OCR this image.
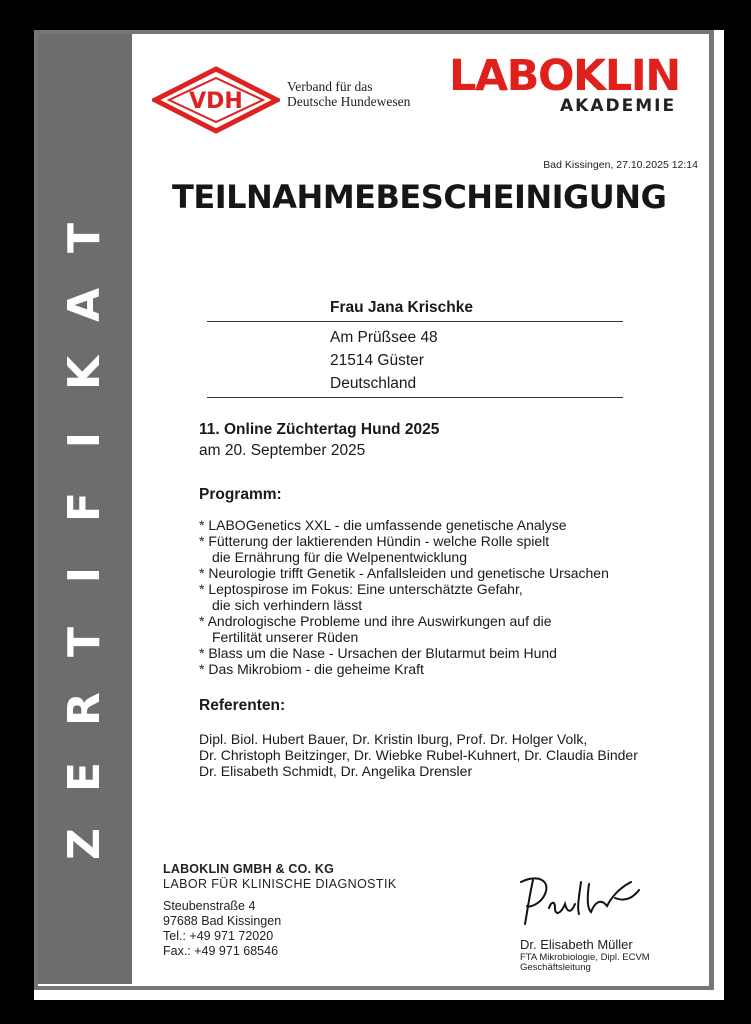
Z
E
R
T
I
F
I
K
A
T
VDH
Verband für das
Deutsche Hundewesen
LABOKLIN
AKADEMIE
Bad Kissingen, 27.10.2025 12:14
TEILNAHMEBESCHEINIGUNG
Frau Jana Krischke
Am Prüßsee 48
21514 Güster
Deutschland
11. Online Züchtertag Hund 2025
am 20. September 2025
Programm:
* LABOGenetics XXL - die umfassende genetische Analyse
* Fütterung der laktierenden Hündin - welche Rolle spielt
die Ernährung für die Welpenentwicklung
* Neurologie trifft Genetik - Anfallsleiden und genetische Ursachen
* Leptospirose im Fokus: Eine unterschätzte Gefahr,
die sich verhindern lässt
* Andrologische Probleme und ihre Auswirkungen auf die
Fertilität unserer Rüden
* Blass um die Nase - Ursachen der Blutarmut beim Hund
* Das Mikrobiom - die geheime Kraft
Referenten:
Dipl. Biol. Hubert Bauer, Dr. Kristin Iburg, Prof. Dr. Holger Volk,
Dr. Christoph Beitzinger, Dr. Wiebke Rubel-Kuhnert, Dr. Claudia Binder
Dr. Elisabeth Schmidt, Dr. Angelika Drensler
LABOKLIN GMBH & CO. KG
LABOR FÜR KLINISCHE DIAGNOSTIK
Steubenstraße 4
97688 Bad Kissingen
Tel.: +49 971 72020
Fax.: +49 971 68546	Dr. Elisabeth Müller
FTA Mikrobiologie, Dipl. ECVM
Geschäftsleitung
